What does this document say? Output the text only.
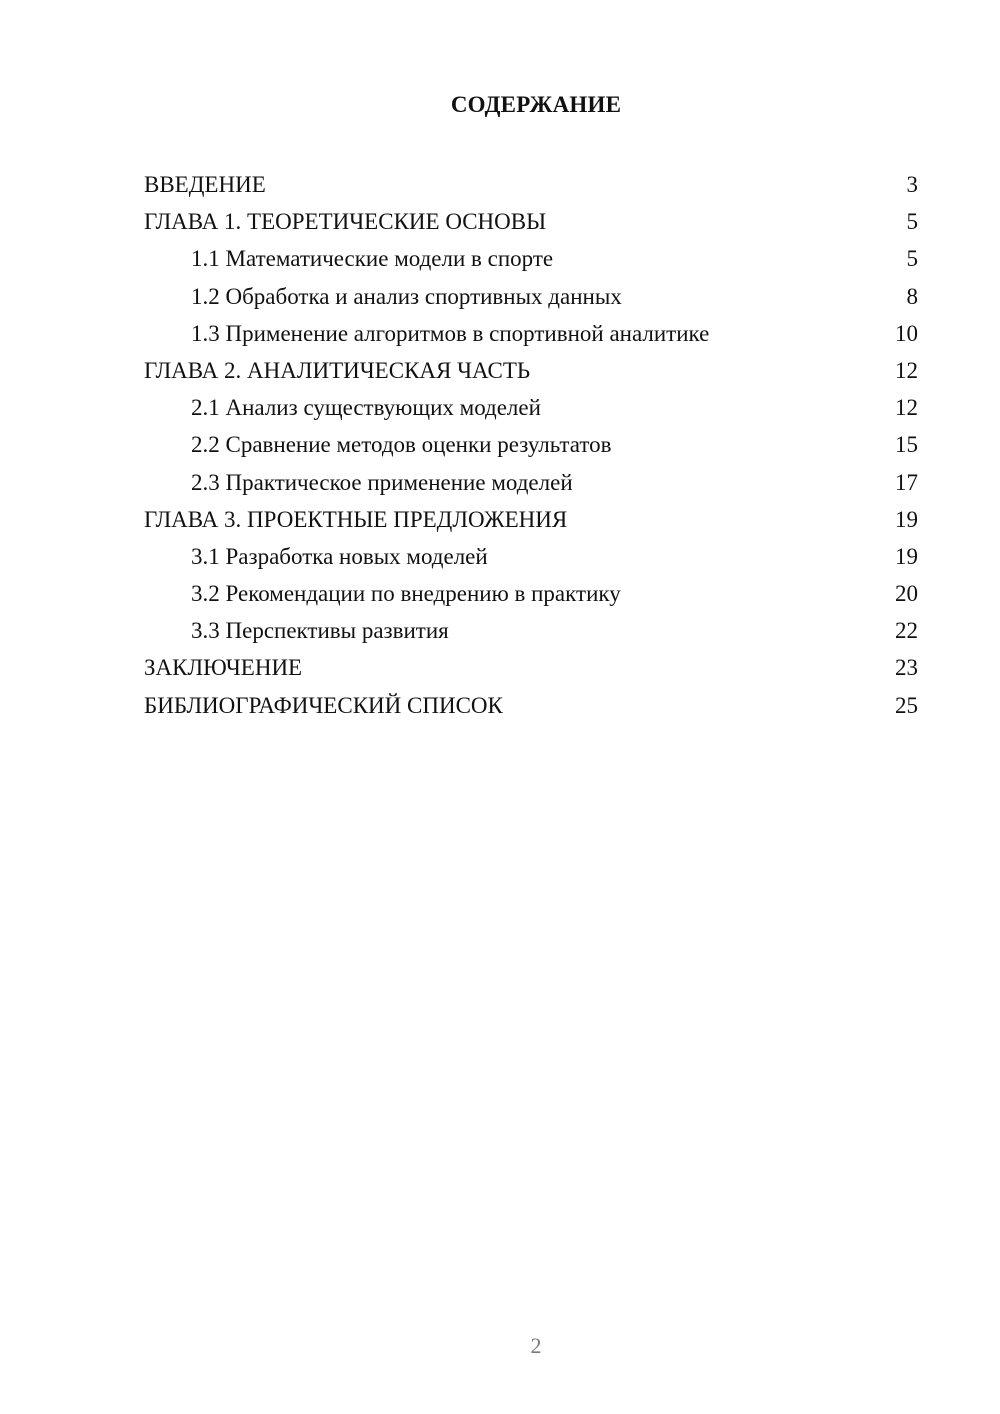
СОДЕРЖАНИЕ
ВВЕДЕНИЕ	3
ГЛАВА 1. ТЕОРЕТИЧЕСКИЕ ОСНОВЫ	5
1.1 Математические модели в спорте	5
1.2 Обработка и анализ спортивных данных	8
1.3 Применение алгоритмов в спортивной аналитике	10
ГЛАВА 2. АНАЛИТИЧЕСКАЯ ЧАСТЬ	12
2.1 Анализ существующих моделей	12
2.2 Сравнение методов оценки результатов	15
2.3 Практическое применение моделей	17
ГЛАВА 3. ПРОЕКТНЫЕ ПРЕДЛОЖЕНИЯ	19
3.1 Разработка новых моделей	19
3.2 Рекомендации по внедрению в практику	20
3.3 Перспективы развития	22
ЗАКЛЮЧЕНИЕ	23
БИБЛИОГРАФИЧЕСКИЙ СПИСОК	25
2
